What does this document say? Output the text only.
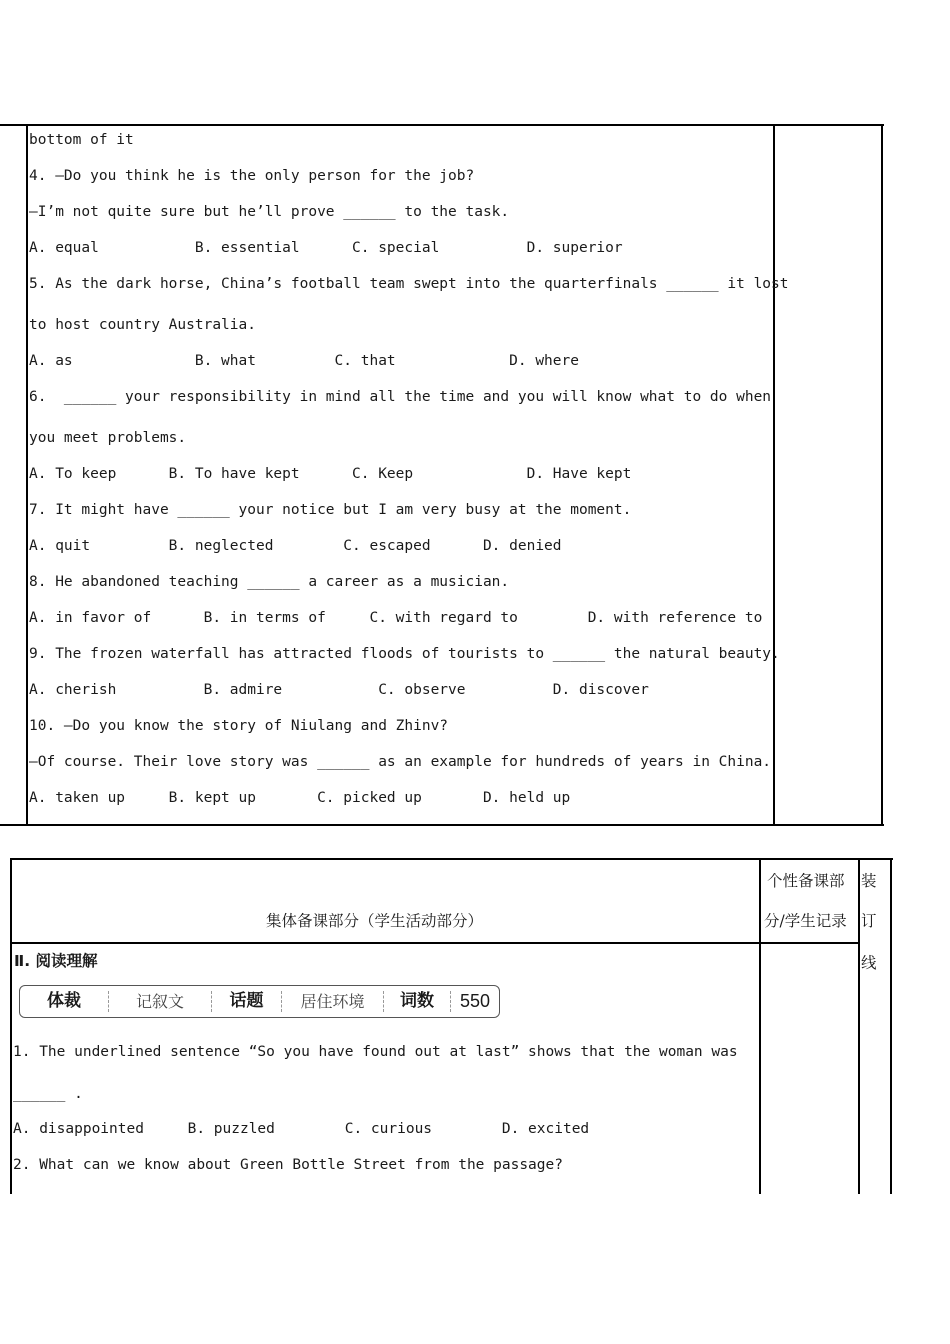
bottom of it
4. —Do you think he is the only person for the job?
—I’m not quite sure but he’ll prove ______ to the task.
A. equal           B. essential      C. special          D. superior
5. As the dark horse, China’s football team swept into the quarterfinals ______ it lost
to host country Australia.
A. as              B. what         C. that             D. where
6.  ______ your responsibility in mind all the time and you will know what to do when
you meet problems.
A. To keep      B. To have kept      C. Keep             D. Have kept
7. It might have ______ your notice but I am very busy at the moment.
A. quit         B. neglected        C. escaped      D. denied
8. He abandoned teaching ______ a career as a musician.
A. in favor of      B. in terms of     C. with regard to        D. with reference to
9. The frozen waterfall has attracted floods of tourists to ______ the natural beauty.
A. cherish          B. admire           C. observe          D. discover
10. —Do you know the story of Niulang and Zhinv?
—Of course. Their love story was ______ as an example for hundreds of years in China.
A. taken up     B. kept up       C. picked up       D. held up
集体备课部分（学生活动部分）
个性备课部
分/学生记录
装
订
线
Ⅱ. 阅读理解
体裁	记叙文	话题	居住环境	词数	550
1. The underlined sentence “So you have found out at last” shows that the woman was
______ .
A. disappointed     B. puzzled        C. curious        D. excited
2. What can we know about Green Bottle Street from the passage?
